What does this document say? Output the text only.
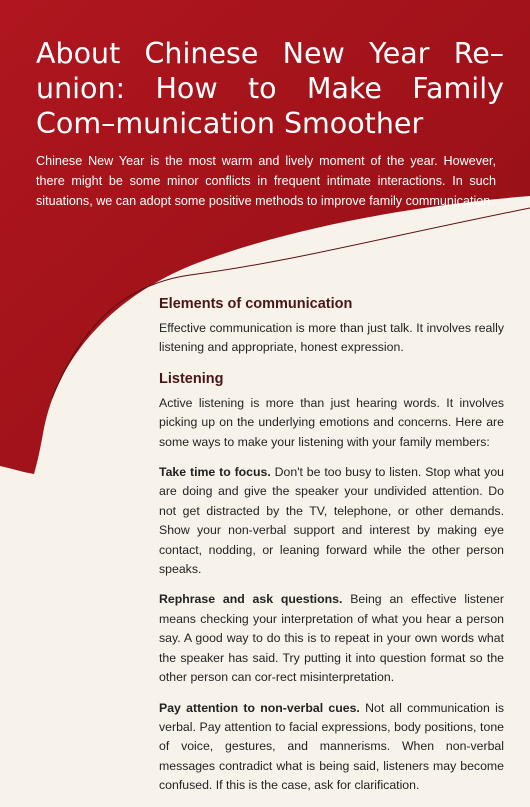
About Chinese New Year Re–union: How to Make Family Com–munication Smoother

Chinese New Year is the most warm and lively moment of the year. However, there might be some minor conflicts in frequent intimate interactions. In such situations, we can adopt some positive methods to improve family communication.

Elements of communication

Effective communication is more than just talk. It involves really listening and appropriate, honest expression.

Listening

Active listening is more than just hearing words. It involves picking up on the underlying emotions and concerns. Here are some ways to make your listening with your family members:

Take time to focus. Don't be too busy to listen. Stop what you are doing and give the speaker your undivided attention. Do not get distracted by the TV, telephone, or other demands. Show your non-verbal support and interest by making eye contact, nodding, or leaning forward while the other person speaks.

Rephrase and ask questions. Being an effective listener means checking your interpretation of what you hear a person say. A good way to do this is to repeat in your own words what the speaker has said. Try putting it into question format so the other person can cor-rect misinterpretation.

Pay attention to non-verbal cues. Not all communication is verbal. Pay attention to facial expressions, body positions, tone of voice, gestures, and mannerisms. When non-verbal messages contradict what is being said, listeners may become confused. If this is the case, ask for clarification.
